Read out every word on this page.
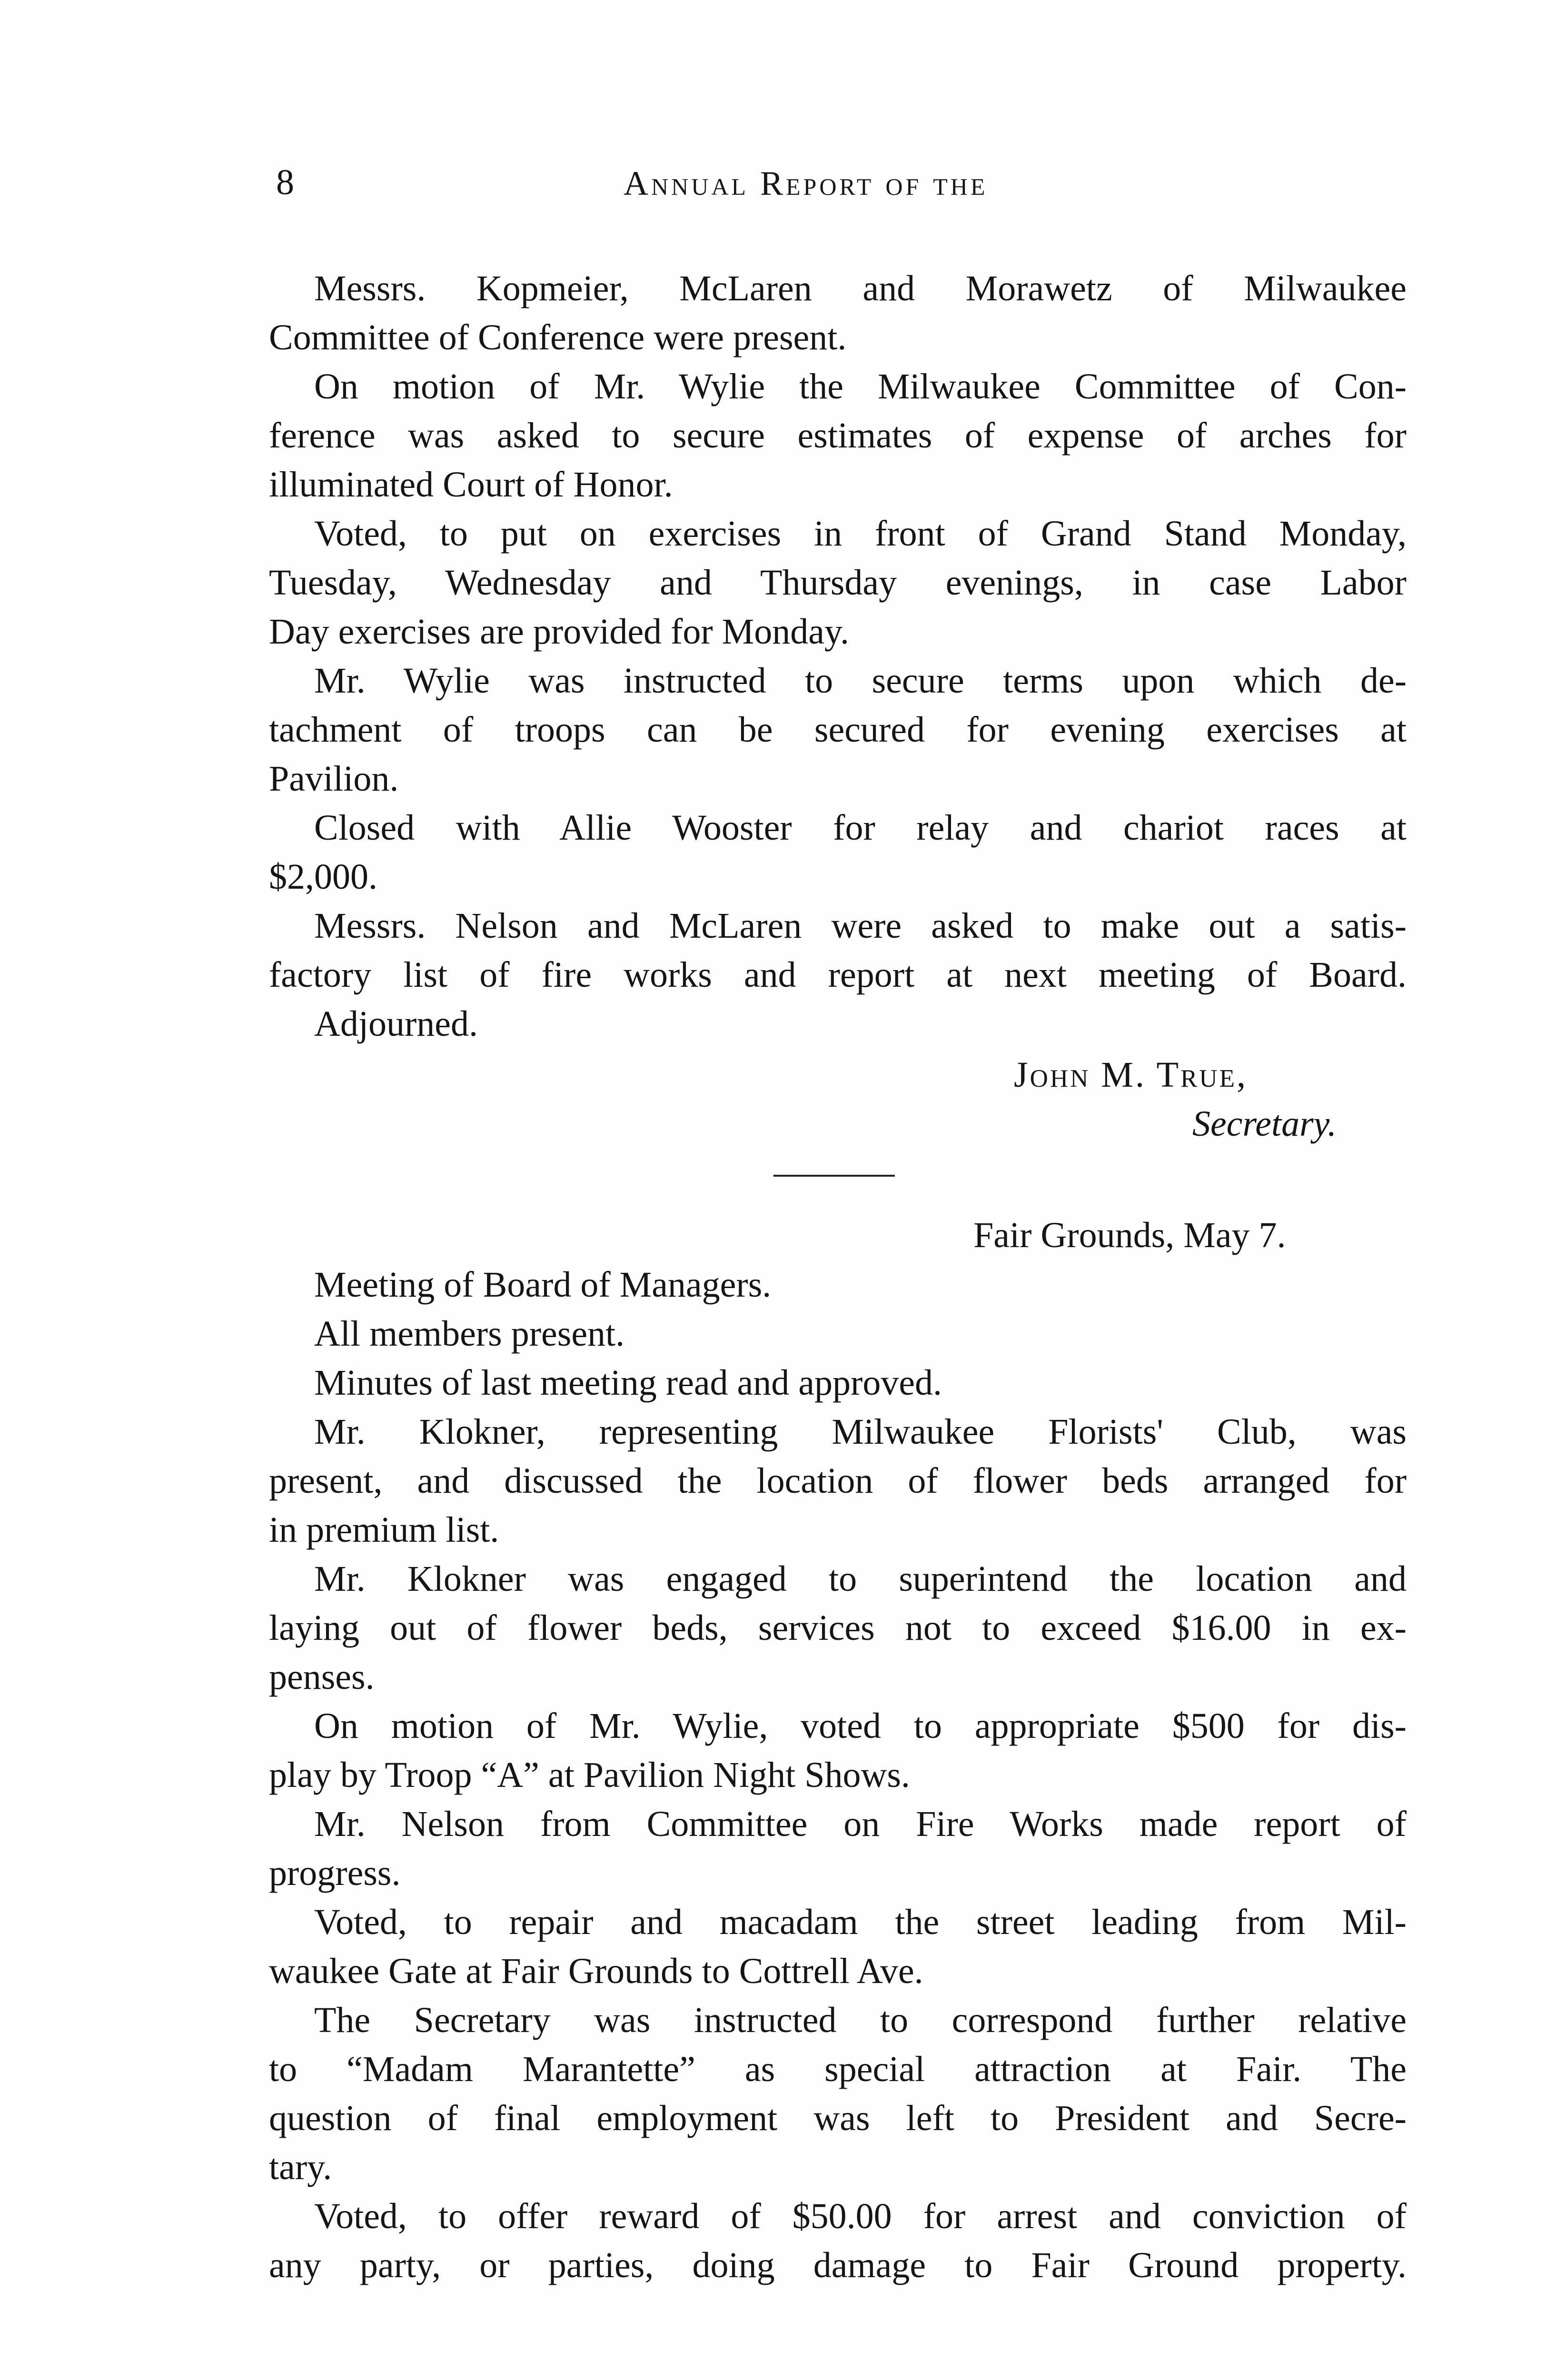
8	Annual Report of the
Messrs. Kopmeier, McLaren and Morawetz of Milwaukee
Committee of Conference were present.
On motion of Mr. Wylie the Milwaukee Committee of Con-
ference was asked to secure estimates of expense of arches for
illuminated Court of Honor.
Voted, to put on exercises in front of Grand Stand Monday,
Tuesday, Wednesday and Thursday evenings, in case Labor
Day exercises are provided for Monday.
Mr. Wylie was instructed to secure terms upon which de-
tachment of troops can be secured for evening exercises at
Pavilion.
Closed with Allie Wooster for relay and chariot races at
$2,000.
Messrs. Nelson and McLaren were asked to make out a satis-
factory list of fire works and report at next meeting of Board.
Adjourned.
John M. True,
Secretary.
Fair Grounds, May 7.
Meeting of Board of Managers.
All members present.
Minutes of last meeting read and approved.
Mr. Klokner, representing Milwaukee Florists' Club, was
present, and discussed the location of flower beds arranged for
in premium list.
Mr. Klokner was engaged to superintend the location and
laying out of flower beds, services not to exceed $16.00 in ex-
penses.
On motion of Mr. Wylie, voted to appropriate $500 for dis-
play by Troop “A” at Pavilion Night Shows.
Mr. Nelson from Committee on Fire Works made report of
progress.
Voted, to repair and macadam the street leading from Mil-
waukee Gate at Fair Grounds to Cottrell Ave.
The Secretary was instructed to correspond further relative
to “Madam Marantette” as special attraction at Fair. The
question of final employment was left to President and Secre-
tary.
Voted, to offer reward of $50.00 for arrest and conviction of
any party, or parties, doing damage to Fair Ground property.
